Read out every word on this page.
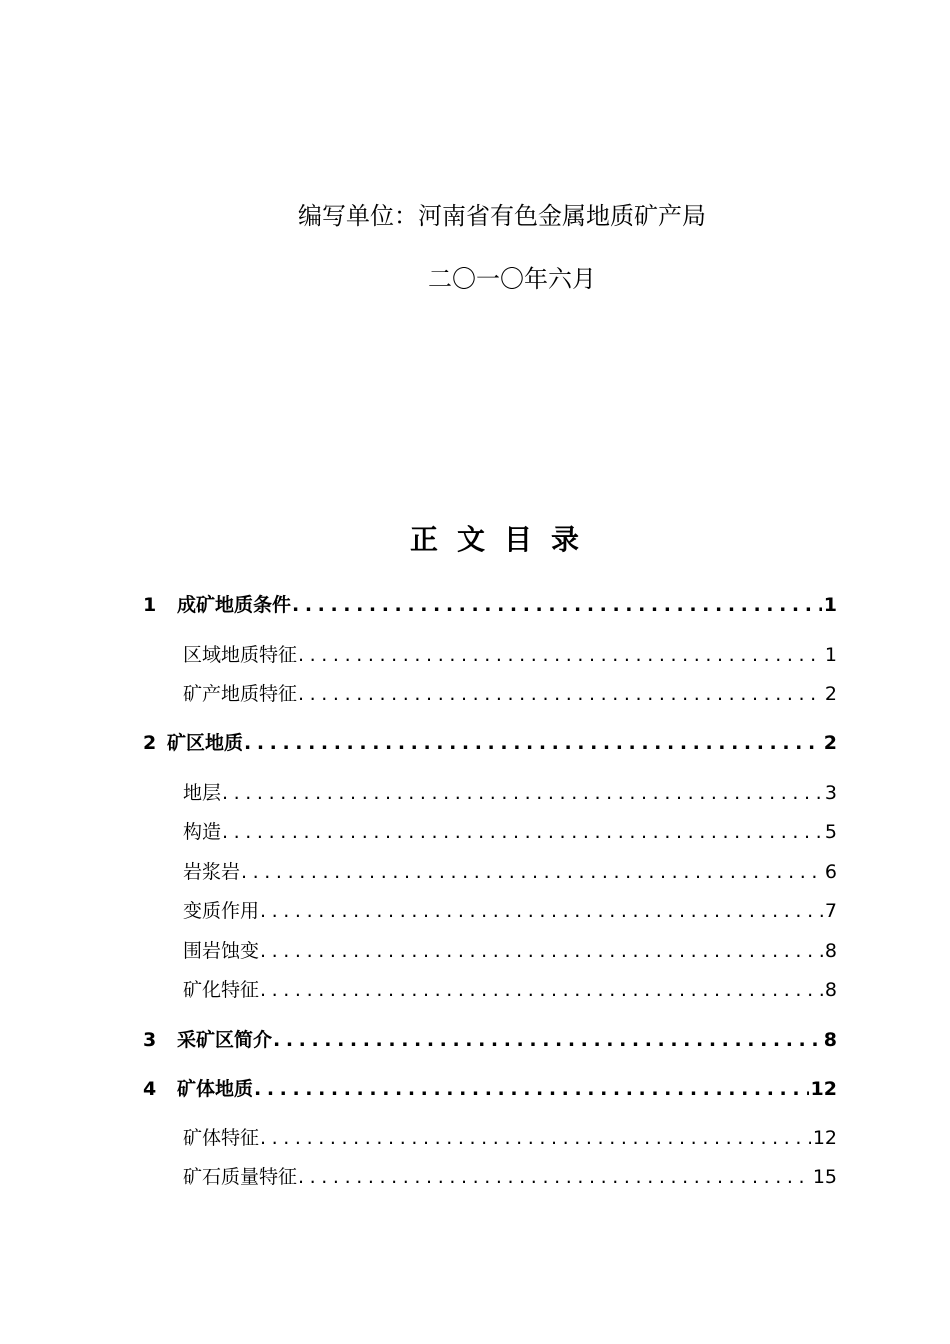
编写单位：河南省有色金属地质矿产局
二〇一〇年六月
正文目录
1	成矿地质条件 .....	1
区域地质特征 .....	1
矿产地质特征 .....	2
2 矿区地质 .....	2
地层 .....	3
构造 .....	5
岩浆岩 .....	6
变质作用 .....	7
围岩蚀变 .....	8
矿化特征 .....	8
3	采矿区简介 .....	8
4	矿体地质 .....	12
矿体特征 .....	12
矿石质量特征 .....	15
